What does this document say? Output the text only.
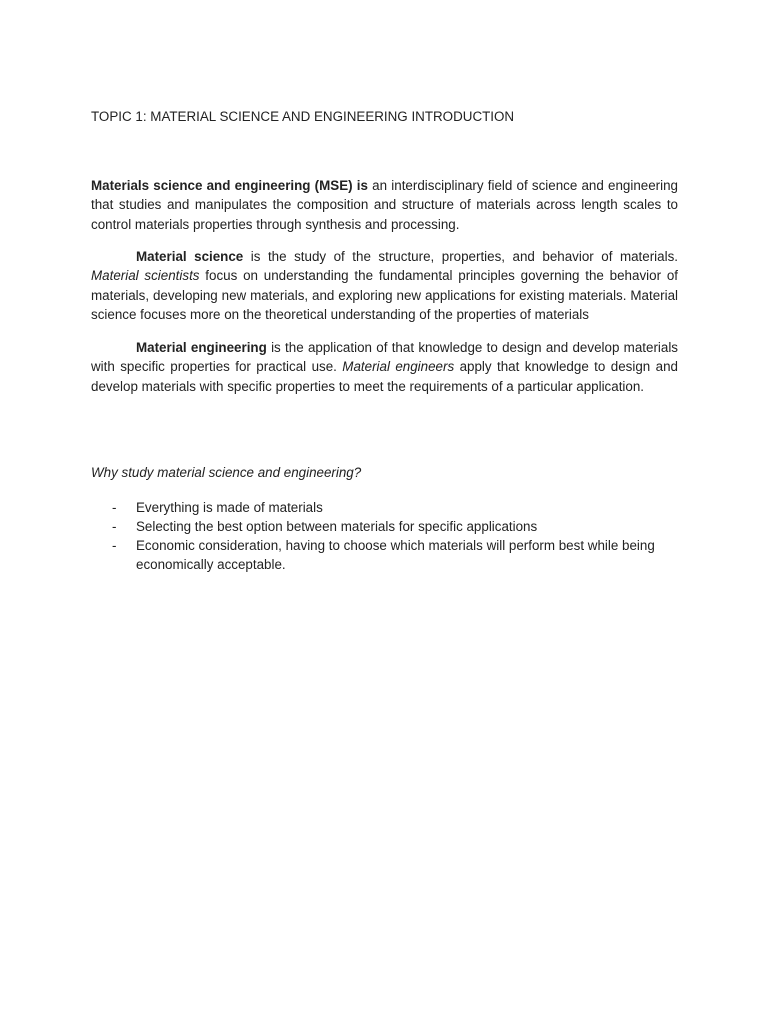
TOPIC 1: MATERIAL SCIENCE AND ENGINEERING INTRODUCTION

Materials science and engineering (MSE) is an interdisciplinary field of science and engineering that studies and manipulates the composition and structure of materials across length scales to control materials properties through synthesis and processing.

Material science is the study of the structure, properties, and behavior of materials. Material scientists focus on understanding the fundamental principles governing the behavior of materials, developing new materials, and exploring new applications for existing materials. Material science focuses more on the theoretical understanding of the properties of materials

Material engineering is the application of that knowledge to design and develop materials with specific properties for practical use. Material engineers apply that knowledge to design and develop materials with specific properties to meet the requirements of a particular application.

Why study material science and engineering?
- Everything is made of materials
- Selecting the best option between materials for specific applications
- Economic consideration, having to choose which materials will perform best while being economically acceptable.
